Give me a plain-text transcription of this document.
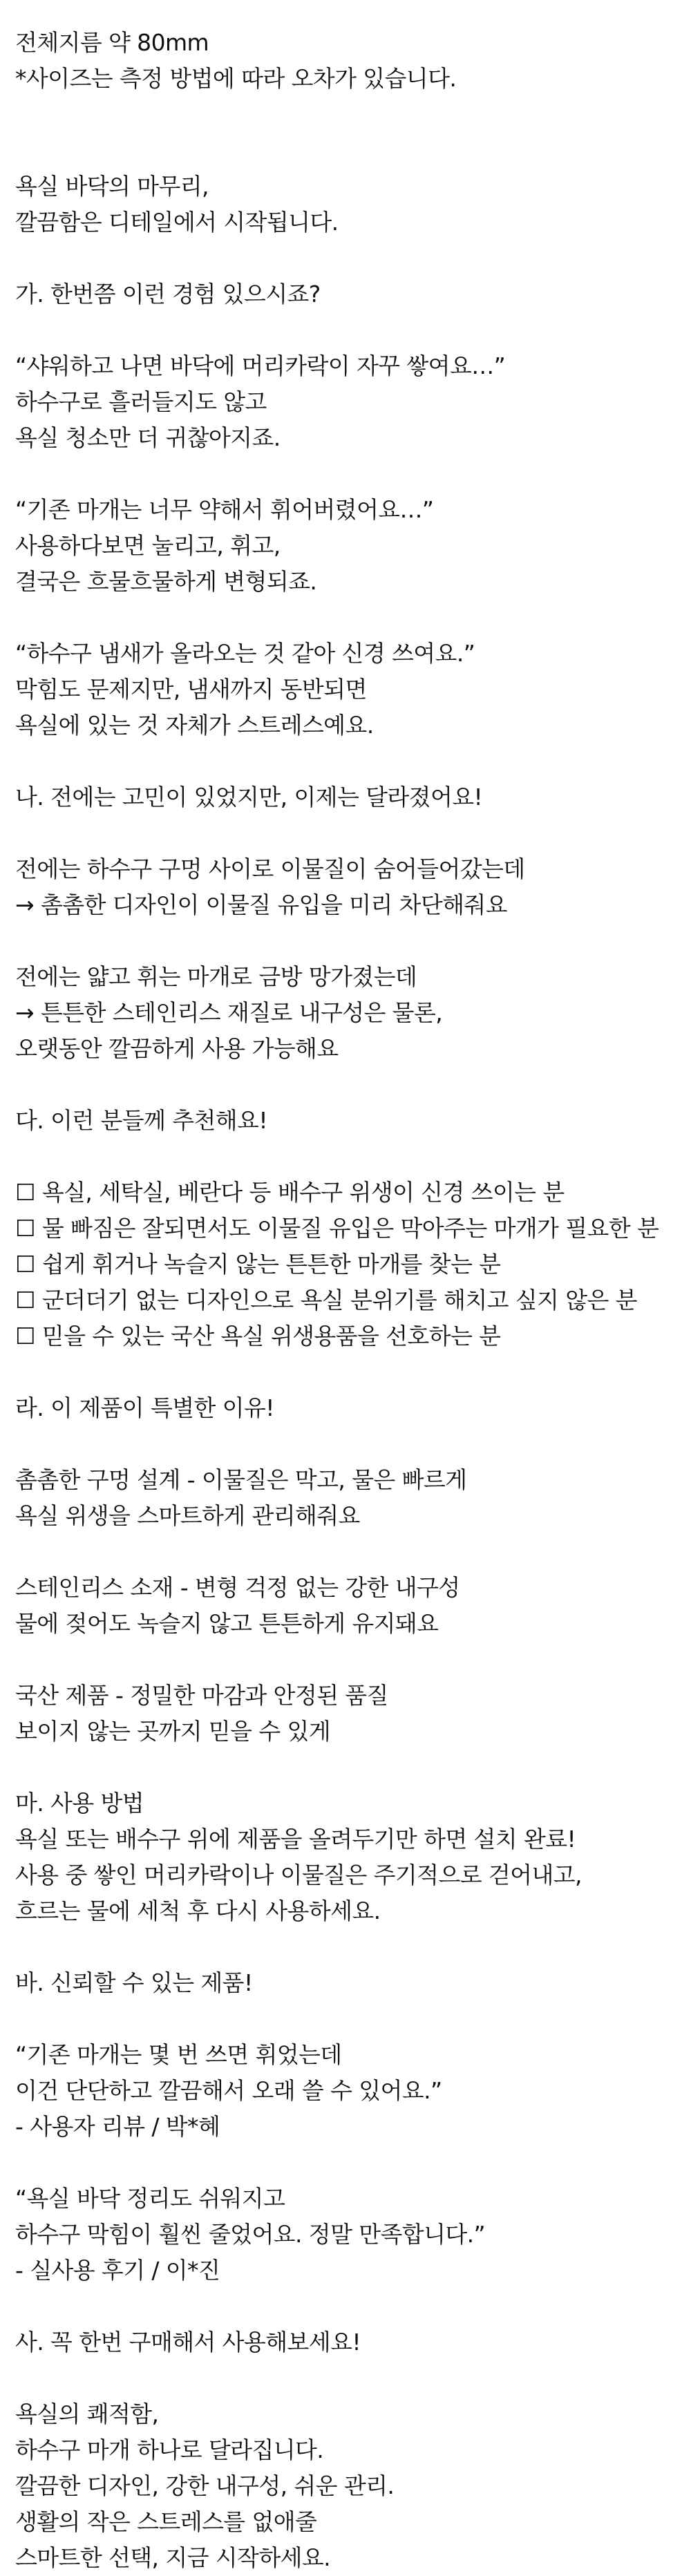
전체지름 약 80mm

*사이즈는 측정 방법에 따라 오차가 있습니다.

욕실 바닥의 마무리,

깔끔함은 디테일에서 시작됩니다.

가. 한번쯤 이런 경험 있으시죠?

“샤워하고 나면 바닥에 머리카락이 자꾸 쌓여요…”

하수구로 흘러들지도 않고

욕실 청소만 더 귀찮아지죠.

“기존 마개는 너무 약해서 휘어버렸어요…”

사용하다보면 눌리고, 휘고,

결국은 흐물흐물하게 변형되죠.

“하수구 냄새가 올라오는 것 같아 신경 쓰여요.”

막힘도 문제지만, 냄새까지 동반되면

욕실에 있는 것 자체가 스트레스예요.

나. 전에는 고민이 있었지만, 이제는 달라졌어요!

전에는 하수구 구멍 사이로 이물질이 숨어들어갔는데

→ 촘촘한 디자인이 이물질 유입을 미리 차단해줘요

전에는 얇고 휘는 마개로 금방 망가졌는데

→ 튼튼한 스테인리스 재질로 내구성은 물론,

오랫동안 깔끔하게 사용 가능해요

다. 이런 분들께 추천해요!

☐ 욕실, 세탁실, 베란다 등 배수구 위생이 신경 쓰이는 분

☐ 물 빠짐은 잘되면서도 이물질 유입은 막아주는 마개가 필요한 분

☐ 쉽게 휘거나 녹슬지 않는 튼튼한 마개를 찾는 분

☐ 군더더기 없는 디자인으로 욕실 분위기를 해치고 싶지 않은 분

☐ 믿을 수 있는 국산 욕실 위생용품을 선호하는 분

라. 이 제품이 특별한 이유!

촘촘한 구멍 설계 - 이물질은 막고, 물은 빠르게

욕실 위생을 스마트하게 관리해줘요

스테인리스 소재 - 변형 걱정 없는 강한 내구성

물에 젖어도 녹슬지 않고 튼튼하게 유지돼요

국산 제품 - 정밀한 마감과 안정된 품질

보이지 않는 곳까지 믿을 수 있게

마. 사용 방법

욕실 또는 배수구 위에 제품을 올려두기만 하면 설치 완료!

사용 중 쌓인 머리카락이나 이물질은 주기적으로 걷어내고,

흐르는 물에 세척 후 다시 사용하세요.

바. 신뢰할 수 있는 제품!

“기존 마개는 몇 번 쓰면 휘었는데

이건 단단하고 깔끔해서 오래 쓸 수 있어요.”

- 사용자 리뷰 / 박*혜

“욕실 바닥 정리도 쉬워지고

하수구 막힘이 훨씬 줄었어요. 정말 만족합니다.”

- 실사용 후기 / 이*진

사. 꼭 한번 구매해서 사용해보세요!

욕실의 쾌적함,

하수구 마개 하나로 달라집니다.

깔끔한 디자인, 강한 내구성, 쉬운 관리.

생활의 작은 스트레스를 없애줄

스마트한 선택, 지금 시작하세요.
